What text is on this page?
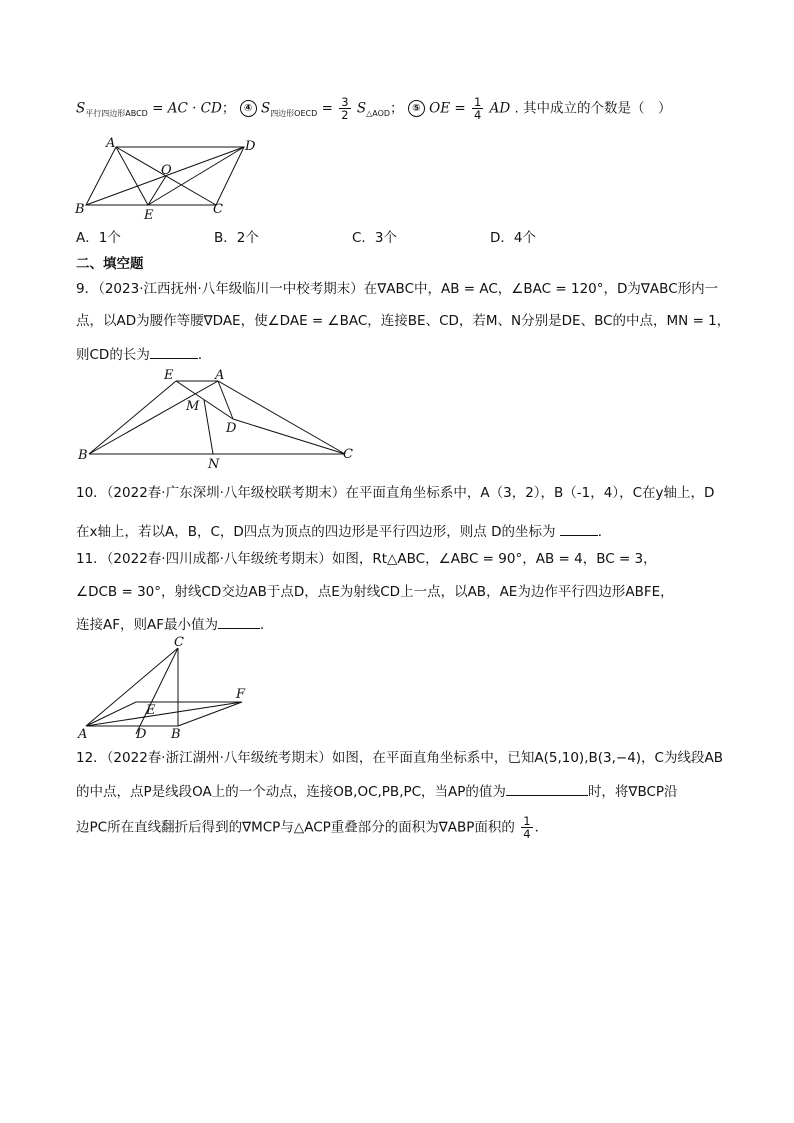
$S_{平行四边形ABCD}$ = AC · CD； ④ $S_{四边形OECD} = \frac{3}{2} S_{\triangle AOD}$； ⑤ OE = $\frac{1}{4}$ AD . 其中成立的个数是（　）
A	D
O
B	E	C
A．1个	B．2个	C．3个	D．4个
二、填空题
9．（2023·江西抚州·八年级临川一中校考期末）在∇ABC中，AB = AC，∠BAC = 120°，D为∇ABC形内一
点，以AD为腰作等腰∇DAE，使∠DAE = ∠BAC，连接BE、CD，若M、N分别是DE、BC的中点，MN = 1，
则CD的长为	．
E	A
M
D
B
N
C
10．（2022春·广东深圳·八年级校联考期末）在平面直角坐标系中，A（3，2），B（-1，4），C在y轴上，D
在x轴上，若以A，B，C，D四点为顶点的四边形是平行四边形，则点 D的坐标为	．
11．（2022春·四川成都·八年级统考期末）如图，Rt△ABC，∠ABC = 90°，AB = 4，BC = 3，
∠DCB = 30°，射线CD交边AB于点D，点E为射线CD上一点，以AB，AE为边作平行四边形ABFE，
连接AF，则AF最小值为	．
C
F
E
A	D B
12．（2022春·浙江湖州·八年级统考期末）如图，在平面直角坐标系中，已知A(5,10),B(3,−4)，C为线段AB
的中点，点P是线段OA上的一个动点，连接OB,OC,PB,PC，当AP的值为	时，将∇BCP沿
边PC所在直线翻折后得到的∇MCP与△ACP重叠部分的面积为∇ABP面积的 $\frac{1}{4}$ ．
